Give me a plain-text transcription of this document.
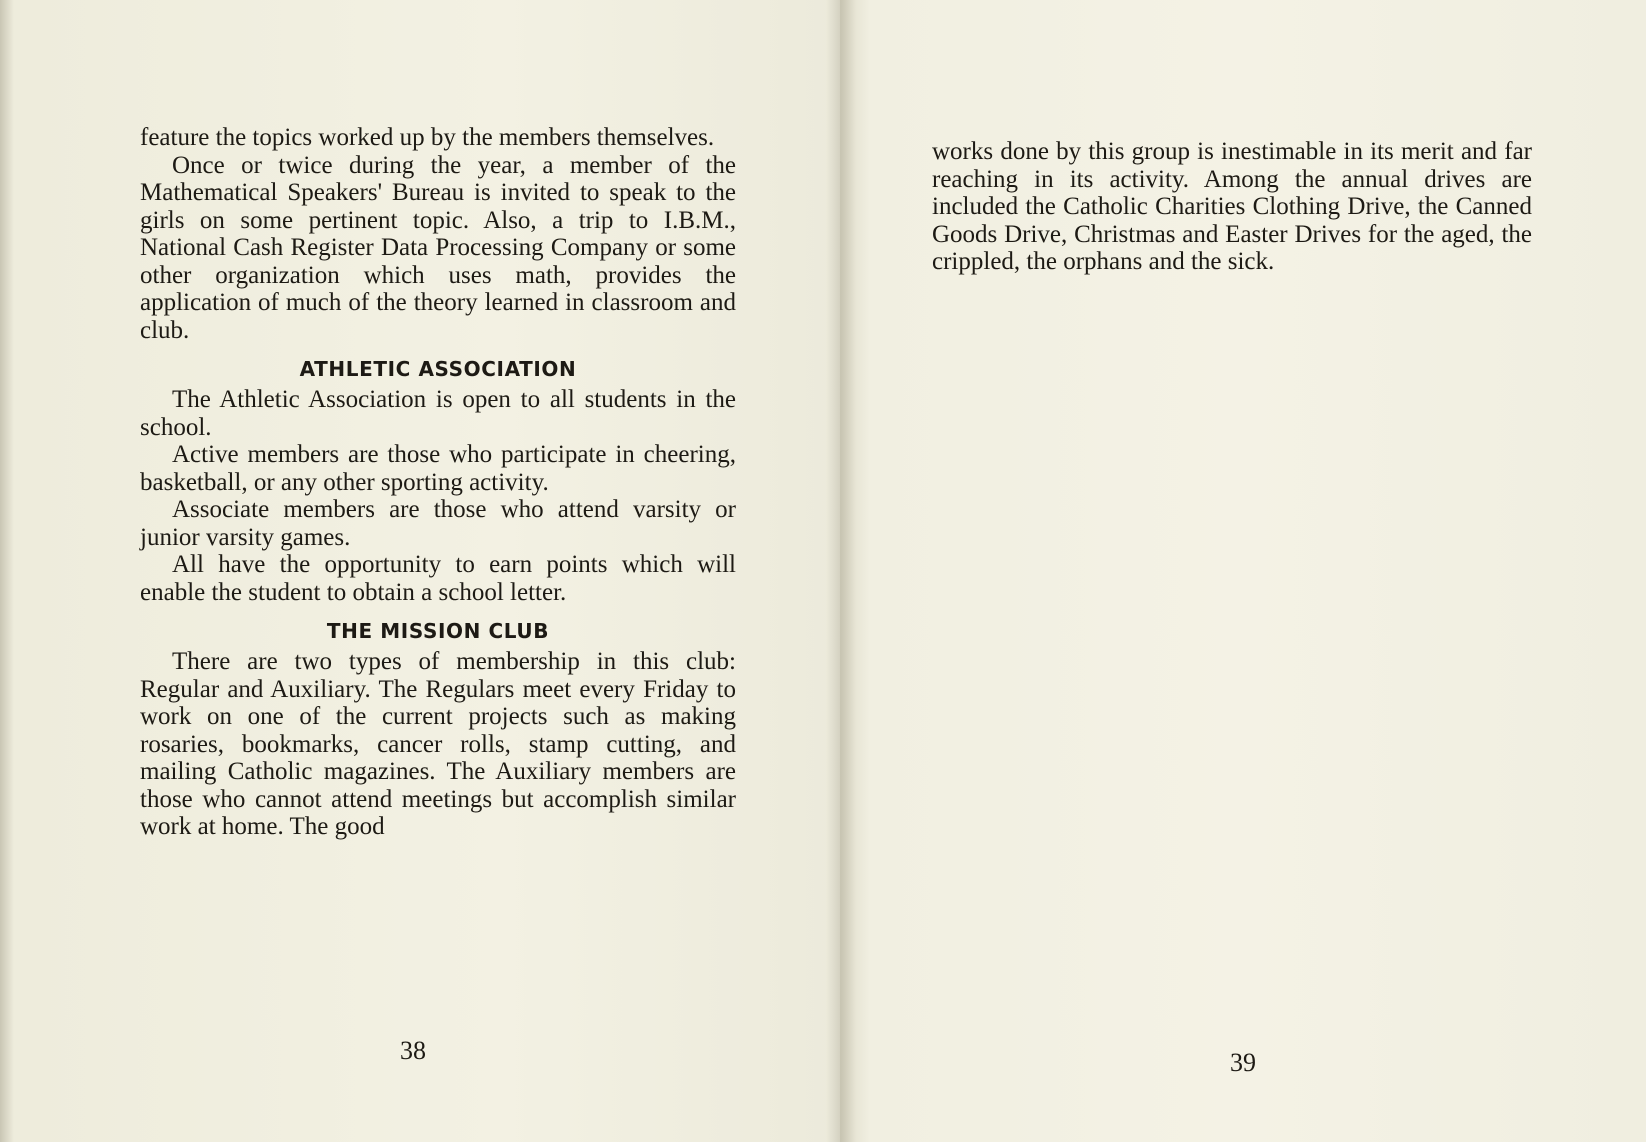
feature the topics worked up by the members themselves.

Once or twice during the year, a member of the Mathematical Speakers' Bureau is invited to speak to the girls on some pertinent topic. Also, a trip to I.B.M., National Cash Register Data Processing Company or some other organization which uses math, provides the application of much of the theory learned in classroom and club.

ATHLETIC ASSOCIATION

The Athletic Association is open to all students in the school.

Active members are those who participate in cheering, basketball, or any other sporting activity.

Associate members are those who attend varsity or junior varsity games.

All have the opportunity to earn points which will enable the student to obtain a school letter.

THE MISSION CLUB

There are two types of membership in this club: Regular and Auxiliary. The Regulars meet every Friday to work on one of the current projects such as making rosaries, bookmarks, cancer rolls, stamp cutting, and mailing Catholic magazines. The Auxiliary members are those who cannot attend meetings but accomplish similar work at home. The good

38	39

works done by this group is inestimable in its merit and far reaching in its activity. Among the annual drives are included the Catholic Charities Clothing Drive, the Canned Goods Drive, Christmas and Easter Drives for the aged, the crippled, the orphans and the sick.
